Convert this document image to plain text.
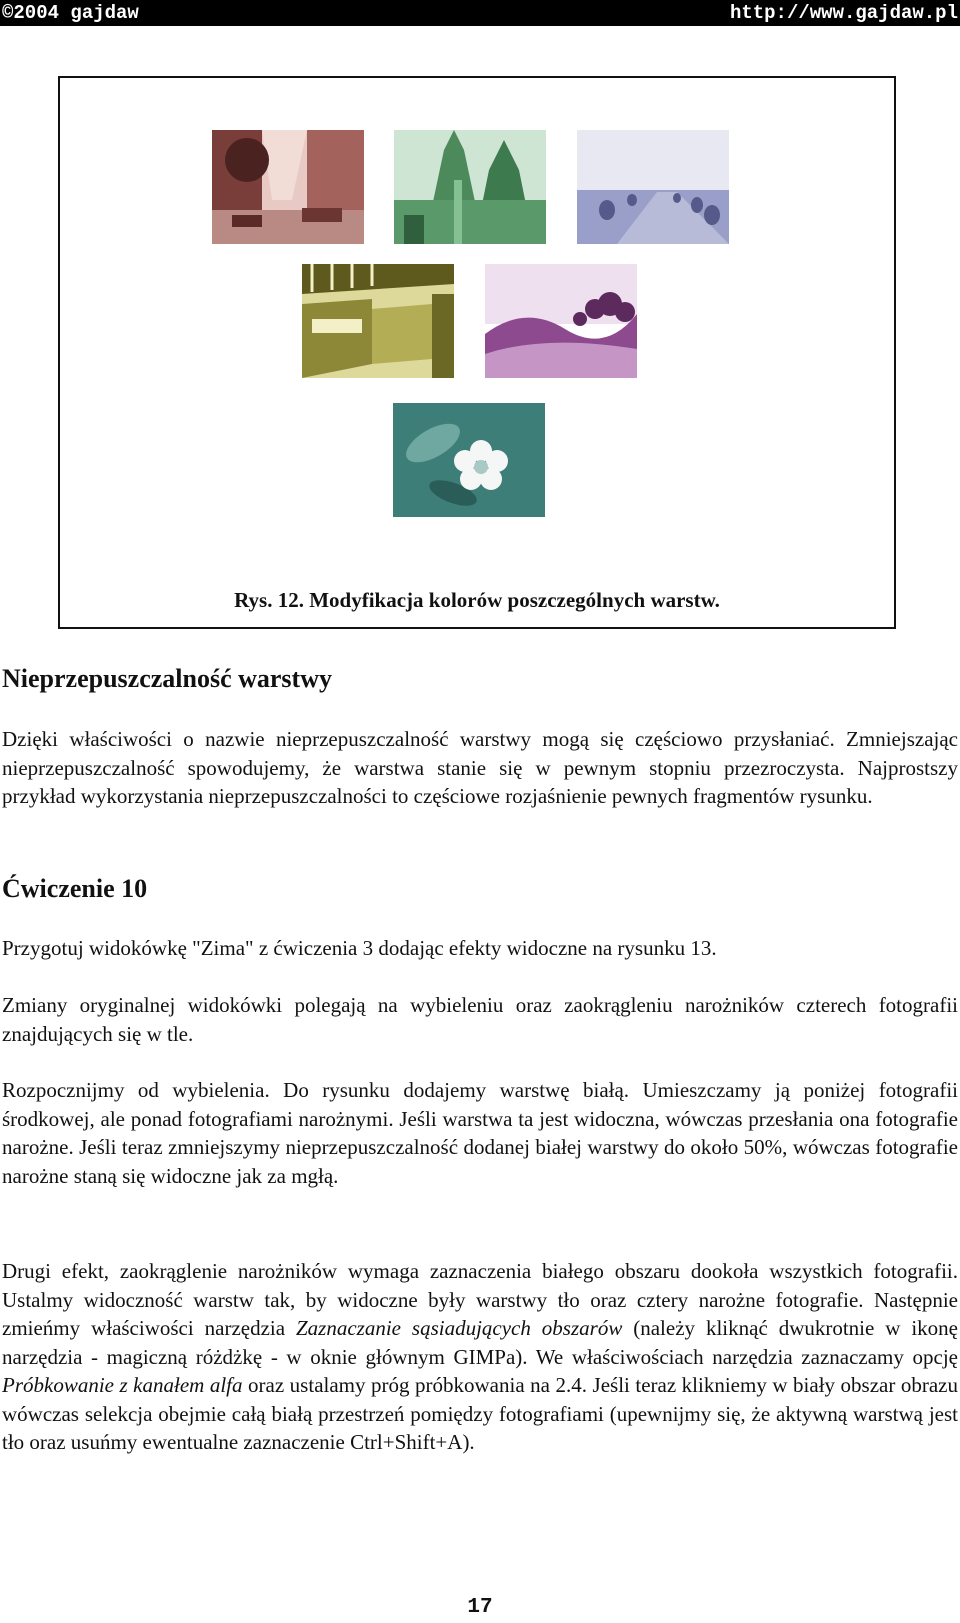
©2004 gajdaw	http://www.gajdaw.pl
Rys. 12. Modyfikacja kolorów poszczególnych warstw.
Nieprzepuszczalność warstwy
Dzięki właściwości o nazwie nieprzepuszczalność warstwy mogą się częściowo przysłaniać. Zmniejszając nieprzepuszczalność spowodujemy, że warstwa stanie się w pewnym stopniu przezroczysta. Najprostszy przykład wykorzystania nieprzepuszczalności to częściowe rozjaśnienie pewnych fragmentów rysunku.
Ćwiczenie 10
Przygotuj widokówkę "Zima" z ćwiczenia 3 dodając efekty widoczne na rysunku 13.
Zmiany oryginalnej widokówki polegają na wybieleniu oraz zaokrągleniu narożników czterech fotografii znajdujących się w tle.
Rozpocznijmy od wybielenia. Do rysunku dodajemy warstwę białą. Umieszczamy ją poniżej fotografii środkowej, ale ponad fotografiami narożnymi. Jeśli warstwa ta jest widoczna, wówczas przesłania ona fotografie narożne. Jeśli teraz zmniejszymy nieprzepuszczalność dodanej białej warstwy do około 50%, wówczas fotografie narożne staną się widoczne jak za mgłą.
Drugi efekt, zaokrąglenie narożników wymaga zaznaczenia białego obszaru dookoła wszystkich fotografii. Ustalmy widoczność warstw tak, by widoczne były warstwy tło oraz cztery narożne fotografie. Następnie zmieńmy właściwości narzędzia Zaznaczanie sąsiadujących obszarów (należy kliknąć dwukrotnie w ikonę narzędzia - magiczną różdżkę - w oknie głównym GIMPa). We właściwościach narzędzia zaznaczamy opcję Próbkowanie z kanałem alfa oraz ustalamy próg próbkowania na 2.4. Jeśli teraz klikniemy w biały obszar obrazu wówczas selekcja obejmie całą białą przestrzeń pomiędzy fotografiami (upewnijmy się, że aktywną warstwą jest tło oraz usuńmy ewentualne zaznaczenie Ctrl+Shift+A).
17
